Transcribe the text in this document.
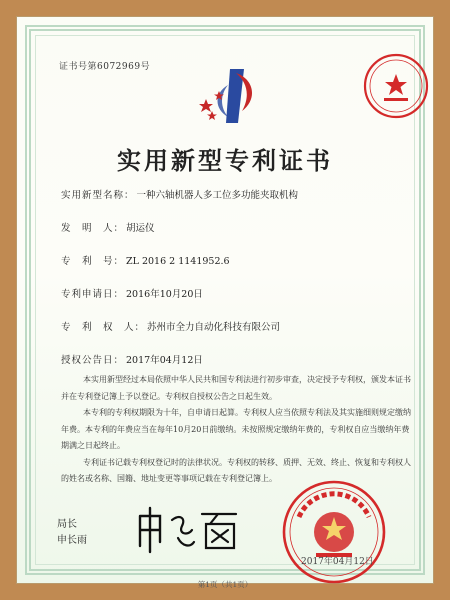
证书号第6072969号
实用新型专利证书
实用新型名称： 一种六轴机器人多工位多功能夹取机构
发　明　人： 胡运仪
专　利　号： ZL 2016 2 1141952.6
专利申请日： 2016年10月20日
专　利　权　人： 苏州市全力自动化科技有限公司
授权公告日： 2017年04月12日

本实用新型经过本局依照中华人民共和国专利法进行初步审查，决定授予专利权，颁发本证书并在专利登记簿上予以登记。专利权自授权公告之日起生效。

本专利的专利权期限为十年，自申请日起算。专利权人应当依照专利法及其实施细则规定缴纳年费。本专利的年费应当在每年10月20日前缴纳。未按照规定缴纳年费的，专利权自应当缴纳年费期满之日起终止。

专利证书记载专利权登记时的法律状况。专利权的转移、质押、无效、终止、恢复和专利权人的姓名或名称、国籍、地址变更等事项记载在专利登记簿上。

局长
申长雨
2017年04月12日
第1页（共1页）
